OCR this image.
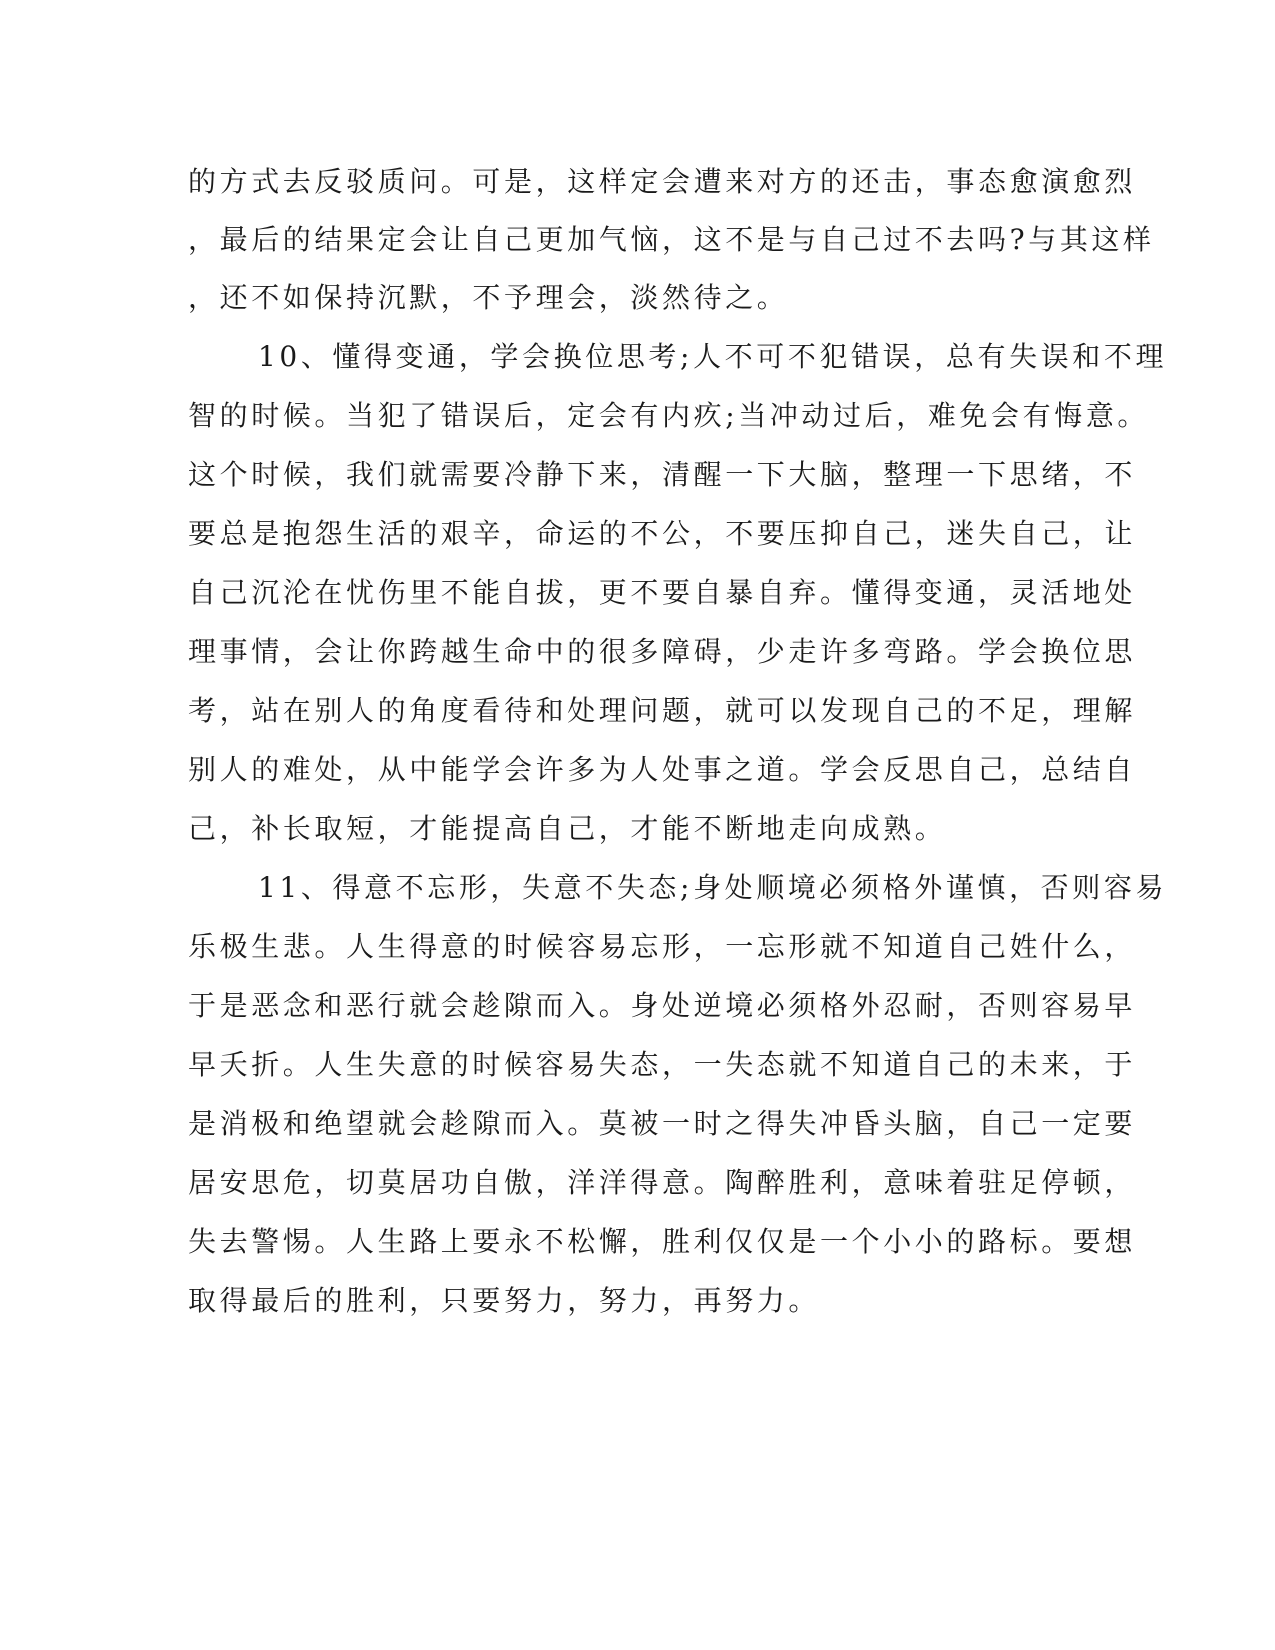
的方式去反驳质问。可是，这样定会遭来对方的还击，事态愈演愈烈
，最后的结果定会让自己更加气恼，这不是与自己过不去吗?与其这样
，还不如保持沉默，不予理会，淡然待之。
10、懂得变通，学会换位思考;人不可不犯错误，总有失误和不理
智的时候。当犯了错误后，定会有内疚;当冲动过后，难免会有悔意。
这个时候，我们就需要冷静下来，清醒一下大脑，整理一下思绪，不
要总是抱怨生活的艰辛，命运的不公，不要压抑自己，迷失自己，让
自己沉沦在忧伤里不能自拔，更不要自暴自弃。懂得变通，灵活地处
理事情，会让你跨越生命中的很多障碍，少走许多弯路。学会换位思
考，站在别人的角度看待和处理问题，就可以发现自己的不足，理解
别人的难处，从中能学会许多为人处事之道。学会反思自己，总结自
己，补长取短，才能提高自己，才能不断地走向成熟。
11、得意不忘形，失意不失态;身处顺境必须格外谨慎，否则容易
乐极生悲。人生得意的时候容易忘形，一忘形就不知道自己姓什么，
于是恶念和恶行就会趁隙而入。身处逆境必须格外忍耐，否则容易早
早夭折。人生失意的时候容易失态，一失态就不知道自己的未来，于
是消极和绝望就会趁隙而入。莫被一时之得失冲昏头脑，自己一定要
居安思危，切莫居功自傲，洋洋得意。陶醉胜利，意味着驻足停顿，
失去警惕。人生路上要永不松懈，胜利仅仅是一个小小的路标。要想
取得最后的胜利，只要努力，努力，再努力。
